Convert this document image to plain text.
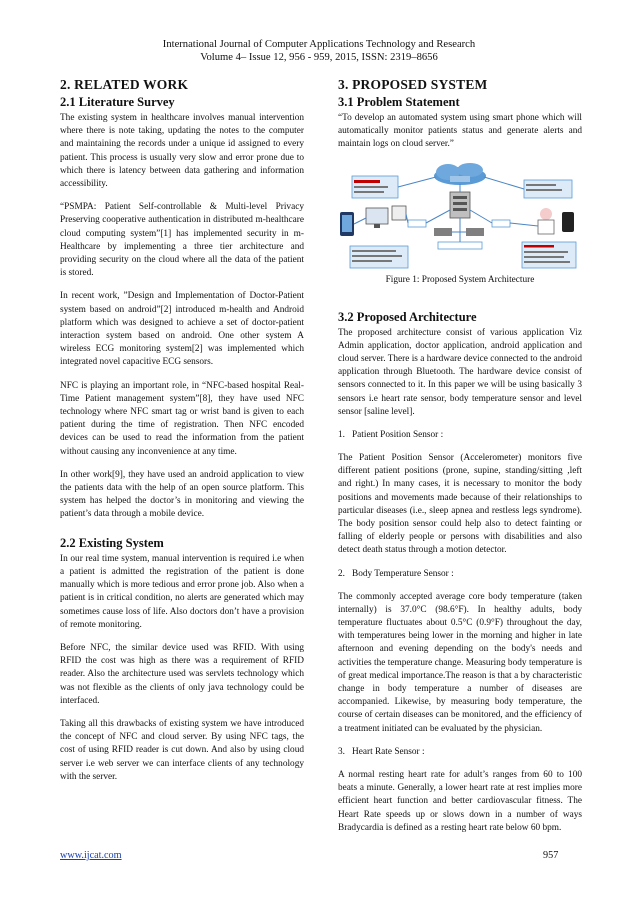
International Journal of Computer Applications Technology and Research
Volume 4– Issue 12, 956 - 959, 2015, ISSN: 2319–8656
2. RELATED WORK
2.1 Literature Survey

The existing system in healthcare involves manual intervention where there is note taking, updating the notes to the computer and maintaining the records under a unique id assigned to every patient. This process is usually very slow and error prone due to which there is latency between data gathering and information accessibility.

“PSMPA: Patient Self-controllable & Multi-level Privacy Preserving cooperative authentication in distributed m-healthcare cloud computing system”[1] has implemented security in m-Healthcare by implementing a three tier architecture and providing security on the cloud where all the data of the patient is stored.

In recent work, ”Design and Implementation of Doctor-Patient system based on android”[2] introduced m-health and Android platform which was designed to achieve a set of doctor-patient interaction system based on android. One other system A wireless ECG monitoring system[2] was implemented which integrated novel capacitive ECG sensors.

NFC is playing an important role, in “NFC-based hospital Real-Time Patient management system”[8], they have used NFC technology where NFC smart tag or wrist band is given to each patient during the time of registration. Then NFC encoded devices can be used to read the information from the patient without causing any inconvenience at any time.

In other work[9], they have used an android application to view the patients data with the help of an open source platform. This system has helped the doctor’s in monitoring and viewing the patient’s data through a mobile device.

2.2 Existing System

In our real time system, manual intervention is required i.e when a patient is admitted the registration of the patient is done manually which is more tedious and error prone job. Also when a patient is in critical condition, no alerts are generated which may sometimes cause loss of life. Also doctors don’t have a provision of remote monitoring.

Before NFC, the similar device used was RFID. With using RFID the cost was high as there was a requirement of RFID reader. Also the architecture used was servlets technology which was not flexible as the clients of only java technology could be interfaced.

Taking all this drawbacks of existing system we have introduced the concept of NFC and cloud server. By using NFC tags, the cost of using RFID reader is cut down. And also by using cloud server i.e web server we can interface clients of any technology with the server.

3. PROPOSED SYSTEM
3.1 Problem Statement

“To develop an automated system using smart phone which will automatically monitor patients status and generate alerts and maintain logs on cloud server.”

Figure 1: Proposed System Architecture
3.2 Proposed Architecture

The proposed architecture consist of various application Viz Admin application, doctor application, android application and cloud server. There is a hardware device connected to the android application through Bluetooth. The hardware device consist of sensors connected to it. In this paper we will be using basically 3 sensors i.e heart rate sensor, body temperature sensor and level sensor [saline level].

1. Patient Position Sensor :

The Patient Position Sensor (Accelerometer) monitors five different patient positions (prone, supine, standing/sitting ,left and right.) In many cases, it is necessary to monitor the body positions and movements made because of their relationships to particular diseases (i.e., sleep apnea and restless legs syndrome). The body position sensor could help also to detect fainting or falling of elderly people or persons with disabilities and also detect death status through a motion detector.

2. Body Temperature Sensor :

The commonly accepted average core body temperature (taken internally) is 37.0°C (98.6°F). In healthy adults, body temperature fluctuates about 0.5°C (0.9°F) throughout the day, with temperatures being lower in the morning and higher in late afternoon and evening depending on the body's needs and activities the temperature change. Measuring body temperature is of great medical importance.The reason is that a by characteristic change in body temperature a number of diseases are accompanied. Likewise, by measuring body temperature, the course of certain diseases can be monitored, and the efficiency of a treatment initiated can be evaluated by the physician.

3. Heart Rate Sensor :

A normal resting heart rate for adult’s ranges from 60 to 100 beats a minute. Generally, a lower heart rate at rest implies more efficient heart function and better cardiovascular fitness. The Heart Rate speeds up or slows down in a number of ways Bradycardia is defined as a resting heart rate below 60 bpm.

www.ijcat.com	957
